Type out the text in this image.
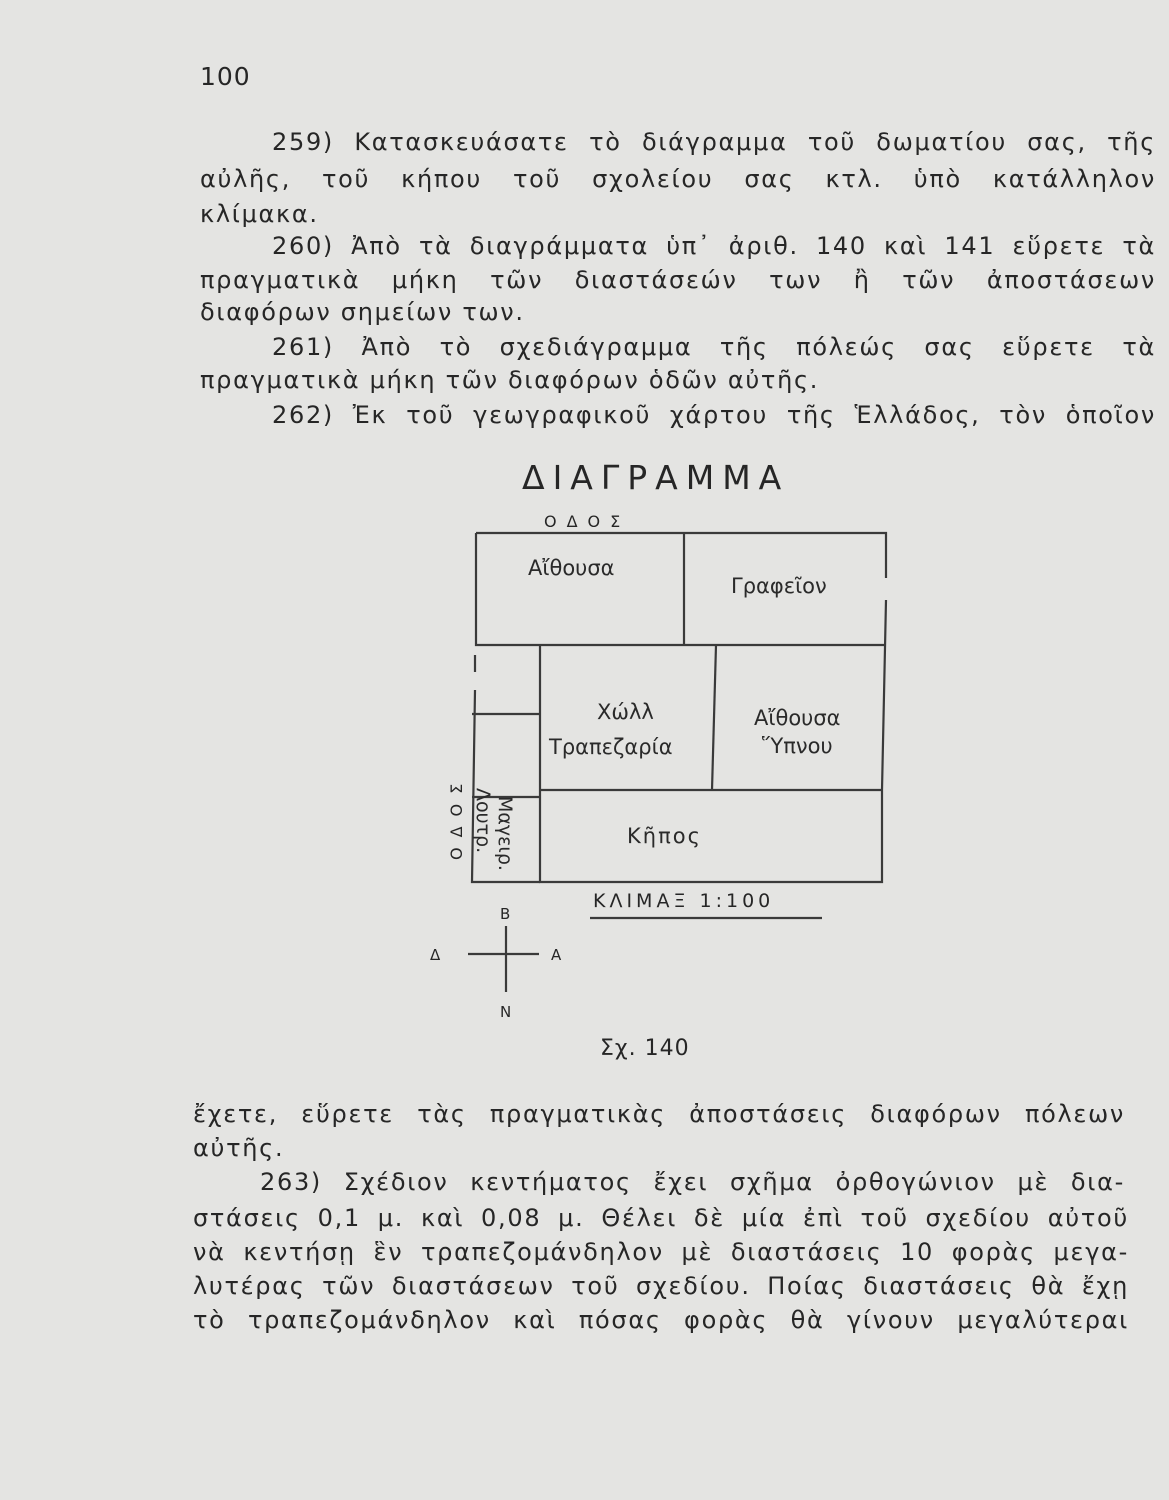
100
259) Κατασκευάσατε τὸ διάγραμμα τοῦ δωματίου σας, τῆς
αὐλῆς, τοῦ κήπου τοῦ σχολείου σας κτλ. ὑπὸ κατάλληλον
κλίμακα.
260) Ἀπὸ τὰ διαγράμματα ὑπ᾽ ἀριθ. 140 καὶ 141 εὕρετε τὰ
πραγματικὰ μήκη τῶν διαστάσεών των ἢ τῶν ἀποστάσεων
διαφόρων σημείων των.
261) Ἀπὸ τὸ σχεδιάγραμμα τῆς πόλεώς σας εὕρετε τὰ
πραγματικὰ μήκη τῶν διαφόρων ὁδῶν αὐτῆς.
262) Ἐκ τοῦ γεωγραφικοῦ χάρτου τῆς Ἑλλάδος, τὸν ὁποῖον
ΔΙΑΓΡΑΜΜΑ
ΟΔΟΣ
ΟΔΟΣ
Αἴθουσα
Γραφεῖον
Χώλλ
Τραπεζαρία
Αἴθουσα
Ὕπνου
Κῆπος
Λουτρ. Μαγειρ.
ΚΛΙΜΑΞ 1:100
Β
Ν
Α
Δ
Σχ. 140
ἔχετε, εὕρετε τὰς πραγματικὰς ἀποστάσεις διαφόρων πόλεων
αὐτῆς.
263) Σχέδιον κεντήματος ἔχει σχῆμα ὀρθογώνιον μὲ δια-
στάσεις 0,1 μ. καὶ 0,08 μ. Θέλει δὲ μία ἐπὶ τοῦ σχεδίου αὐτοῦ
νὰ κεντήσῃ ἓν τραπεζομάνδηλον μὲ διαστάσεις 10 φορὰς μεγα-
λυτέρας τῶν διαστάσεων τοῦ σχεδίου. Ποίας διαστάσεις θὰ ἔχῃ
τὸ τραπεζομάνδηλον καὶ πόσας φορὰς θὰ γίνουν μεγαλύτεραι
